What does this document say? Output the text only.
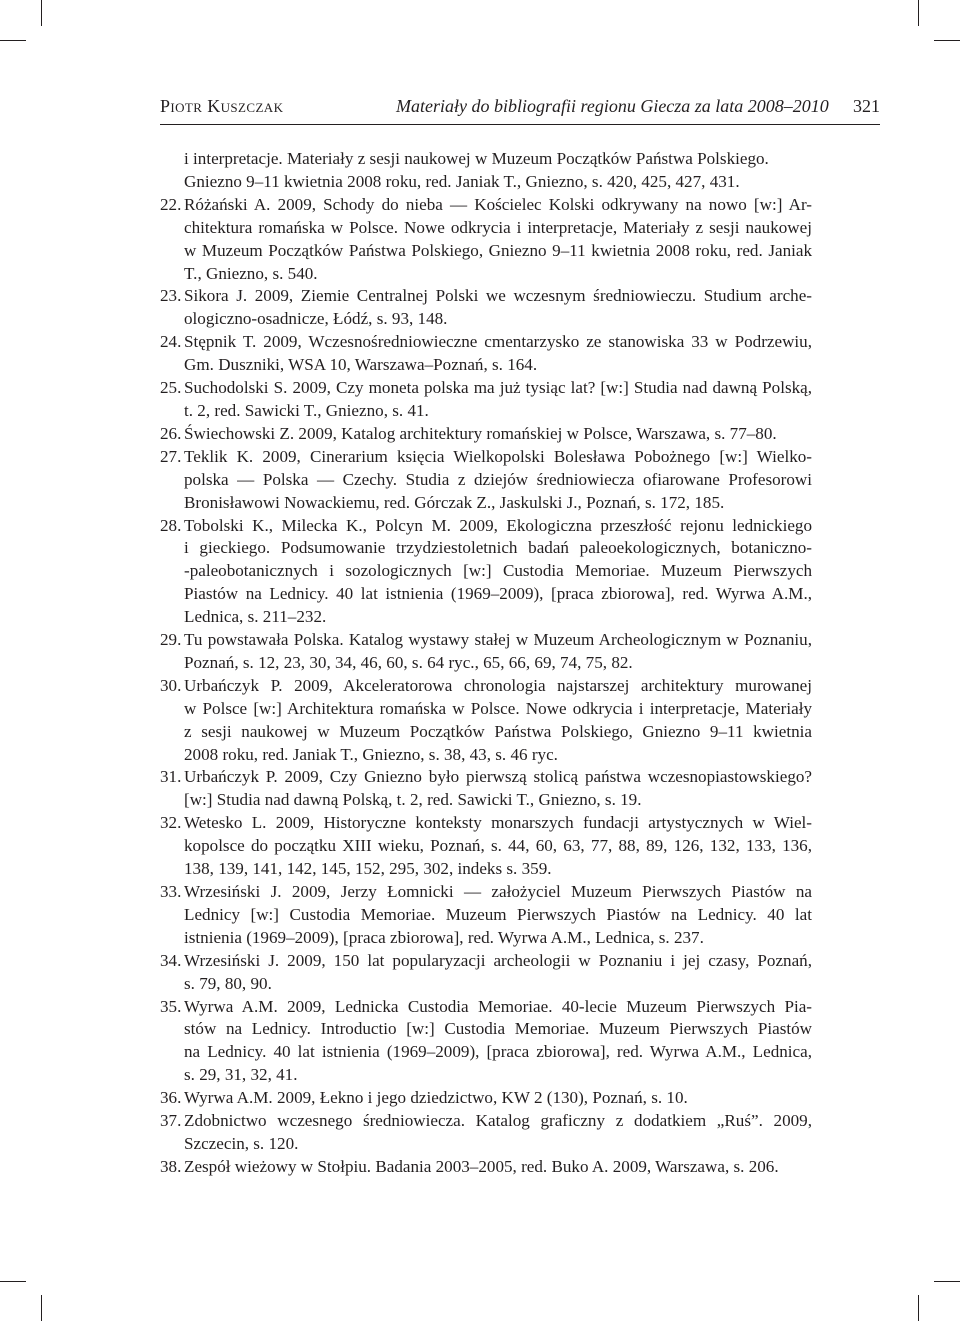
Piotr Kuszczak	Materiały do bibliografii regionu Giecza za lata 2008–2010 321
i interpretacje. Materiały z sesji naukowej w Muzeum Początków Państwa Polskiego.
Gniezno 9–11 kwietnia 2008 roku, red. Janiak T., Gniezno, s. 420, 425, 427, 431.
22. Różański A. 2009, Schody do nieba — Kościelec Kolski odkrywany na nowo [w:] Ar-
chitektura romańska w Polsce. Nowe odkrycia i interpretacje, Materiały z sesji naukowej
w Muzeum Początków Państwa Polskiego, Gniezno 9–11 kwietnia 2008 roku, red. Janiak
T., Gniezno, s. 540.
23. Sikora J. 2009, Ziemie Centralnej Polski we wczesnym średniowieczu. Studium arche-
ologiczno-osadnicze, Łódź, s. 93, 148.
24. Stępnik T. 2009, Wczesnośredniowieczne cmentarzysko ze stanowiska 33 w Podrzewiu,
Gm. Duszniki, WSA 10, Warszawa–Poznań, s. 164.
25. Suchodolski S. 2009, Czy moneta polska ma już tysiąc lat? [w:] Studia nad dawną Polską,
t. 2, red. Sawicki T., Gniezno, s. 41.
26. Świechowski Z. 2009, Katalog architektury romańskiej w Polsce, Warszawa, s. 77–80.
27. Teklik K. 2009, Cinerarium księcia Wielkopolski Bolesława Pobożnego [w:] Wielko-
polska — Polska — Czechy. Studia z dziejów średniowiecza ofiarowane Profesorowi
Bronisławowi Nowackiemu, red. Górczak Z., Jaskulski J., Poznań, s. 172, 185.
28. Tobolski K., Milecka K., Polcyn M. 2009, Ekologiczna przeszłość rejonu lednickiego
i gieckiego. Podsumowanie trzydziestoletnich badań paleoekologicznych, botaniczno-
-paleobotanicznych i sozologicznych [w:] Custodia Memoriae. Muzeum Pierwszych
Piastów na Lednicy. 40 lat istnienia (1969–2009), [praca zbiorowa], red. Wyrwa A.M.,
Lednica, s. 211–232.
29. Tu powstawała Polska. Katalog wystawy stałej w Muzeum Archeologicznym w Poznaniu,
Poznań, s. 12, 23, 30, 34, 46, 60, s. 64 ryc., 65, 66, 69, 74, 75, 82.
30. Urbańczyk P. 2009, Akceleratorowa chronologia najstarszej architektury murowanej
w Polsce [w:] Architektura romańska w Polsce. Nowe odkrycia i interpretacje, Materiały
z sesji naukowej w Muzeum Początków Państwa Polskiego, Gniezno 9–11 kwietnia
2008 roku, red. Janiak T., Gniezno, s. 38, 43, s. 46 ryc.
31. Urbańczyk P. 2009, Czy Gniezno było pierwszą stolicą państwa wczesnopiastowskiego?
[w:] Studia nad dawną Polską, t. 2, red. Sawicki T., Gniezno, s. 19.
32. Wetesko L. 2009, Historyczne konteksty monarszych fundacji artystycznych w Wiel-
kopolsce do początku XIII wieku, Poznań, s. 44, 60, 63, 77, 88, 89, 126, 132, 133, 136,
138, 139, 141, 142, 145, 152, 295, 302, indeks s. 359.
33. Wrzesiński J. 2009, Jerzy Łomnicki — założyciel Muzeum Pierwszych Piastów na
Lednicy [w:] Custodia Memoriae. Muzeum Pierwszych Piastów na Lednicy. 40 lat
istnienia (1969–2009), [praca zbiorowa], red. Wyrwa A.M., Lednica, s. 237.
34. Wrzesiński J. 2009, 150 lat popularyzacji archeologii w Poznaniu i jej czasy, Poznań,
s. 79, 80, 90.
35. Wyrwa A.M. 2009, Lednicka Custodia Memoriae. 40-lecie Muzeum Pierwszych Pia-
stów na Lednicy. Introductio [w:] Custodia Memoriae. Muzeum Pierwszych Piastów
na Lednicy. 40 lat istnienia (1969–2009), [praca zbiorowa], red. Wyrwa A.M., Lednica,
s. 29, 31, 32, 41.
36. Wyrwa A.M. 2009, Łekno i jego dziedzictwo, KW 2 (130), Poznań, s. 10.
37. Zdobnictwo wczesnego średniowiecza. Katalog graficzny z dodatkiem „Ruś”. 2009,
Szczecin, s. 120.
38. Zespół wieżowy w Stołpiu. Badania 2003–2005, red. Buko A. 2009, Warszawa, s. 206.
